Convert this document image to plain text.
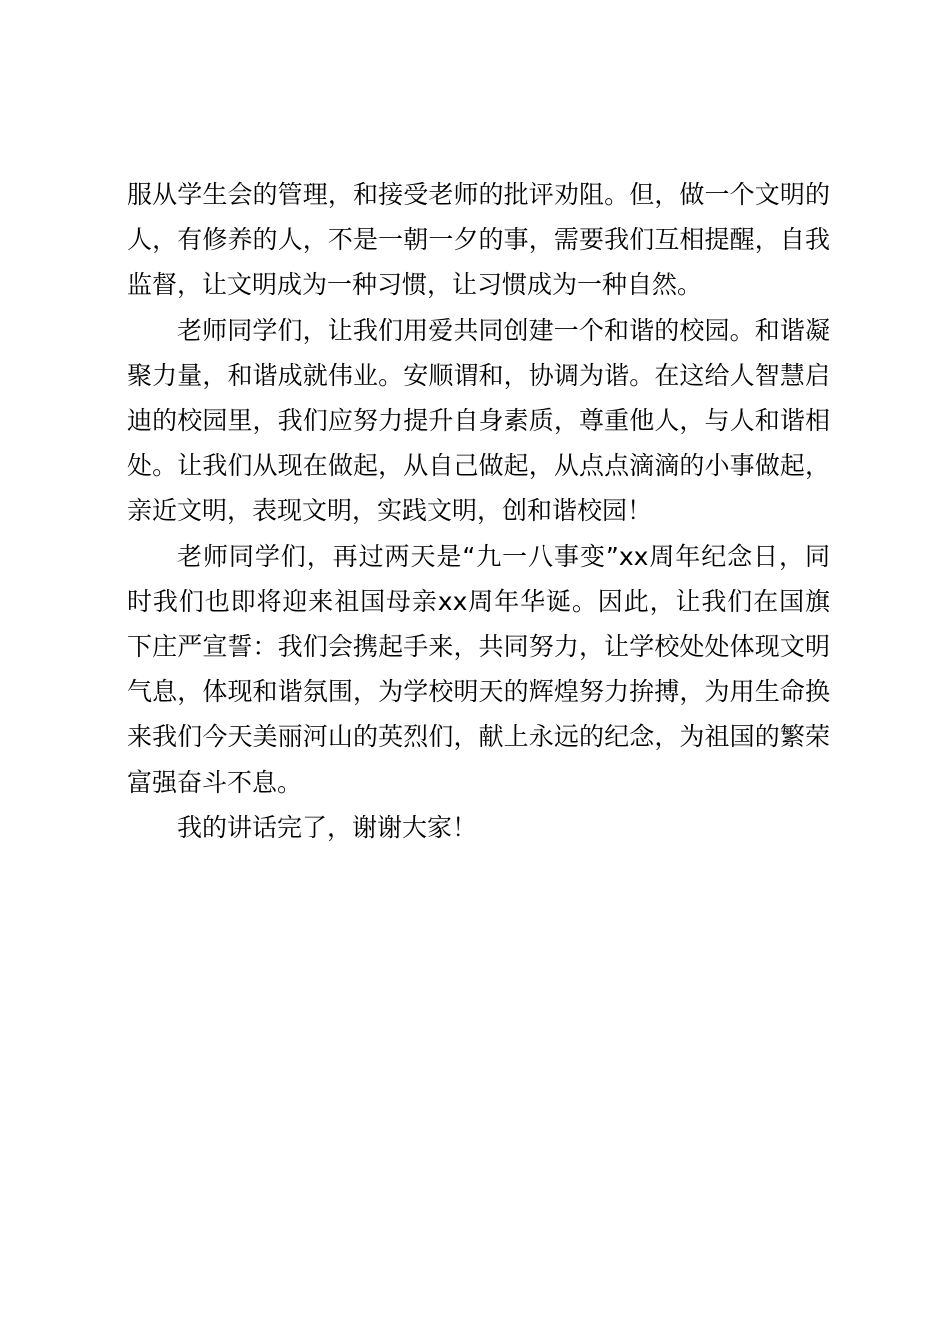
服从学生会的管理，和接受老师的批评劝阻。但，做一个文明的人，有修养的人，不是一朝一夕的事，需要我们互相提醒，自我监督，让文明成为一种习惯，让习惯成为一种自然。

老师同学们，让我们用爱共同创建一个和谐的校园。和谐凝聚力量，和谐成就伟业。安顺谓和，协调为谐。在这给人智慧启迪的校园里，我们应努力提升自身素质，尊重他人，与人和谐相处。让我们从现在做起，从自己做起，从点点滴滴的小事做起，亲近文明，表现文明，实践文明，创和谐校园！

老师同学们，再过两天是“九一八事变”xx周年纪念日，同时我们也即将迎来祖国母亲xx周年华诞。因此，让我们在国旗下庄严宣誓：我们会携起手来，共同努力，让学校处处体现文明气息，体现和谐氛围，为学校明天的辉煌努力拚搏，为用生命换来我们今天美丽河山的英烈们，献上永远的纪念，为祖国的繁荣富强奋斗不息。

我的讲话完了，谢谢大家！
